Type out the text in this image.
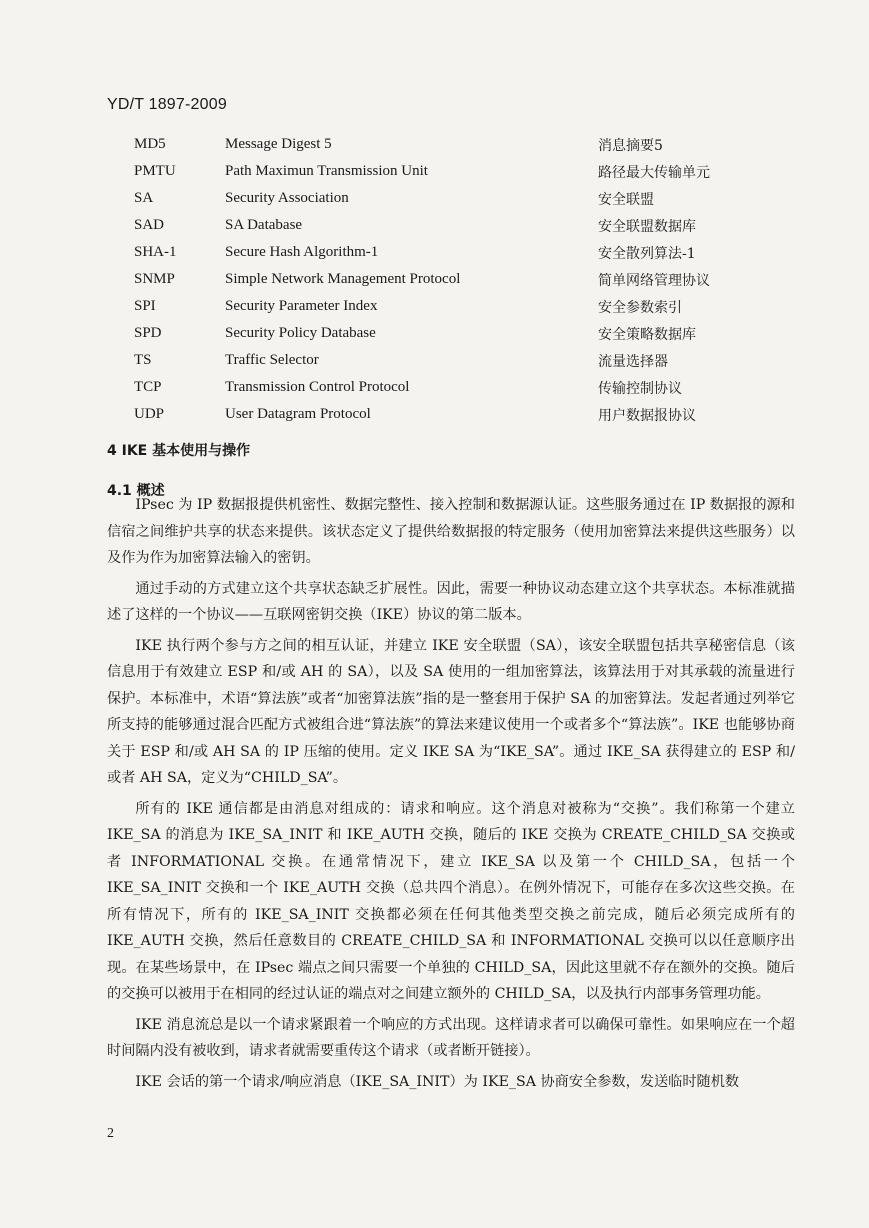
YD/T 1897-2009
MD5	Message Digest 5	消息摘要5
PMTU	Path Maximun Transmission Unit	路径最大传输单元
SA	Security Association	安全联盟
SAD	SA Database	安全联盟数据库
SHA-1	Secure Hash Algorithm-1	安全散列算法-1
SNMP	Simple Network Management Protocol	简单网络管理协议
SPI	Security Parameter Index	安全参数索引
SPD	Security Policy Database	安全策略数据库
TS	Traffic Selector	流量选择器
TCP	Transmission Control Protocol	传输控制协议
UDP	User Datagram Protocol	用户数据报协议
4 IKE 基本使用与操作
4.1 概述

IPsec 为 IP 数据报提供机密性、数据完整性、接入控制和数据源认证。这些服务通过在 IP 数据报的源和信宿之间维护共享的状态来提供。该状态定义了提供给数据报的特定服务（使用加密算法来提供这些服务）以及作为作为加密算法输入的密钥。

通过手动的方式建立这个共享状态缺乏扩展性。因此，需要一种协议动态建立这个共享状态。本标准就描述了这样的一个协议——互联网密钥交换（IKE）协议的第二版本。

IKE 执行两个参与方之间的相互认证，并建立 IKE 安全联盟（SA），该安全联盟包括共享秘密信息（该信息用于有效建立 ESP 和/或 AH 的 SA），以及 SA 使用的一组加密算法，该算法用于对其承载的流量进行保护。本标准中，术语“算法族”或者“加密算法族”指的是一整套用于保护 SA 的加密算法。发起者通过列举它所支持的能够通过混合匹配方式被组合进“算法族”的算法来建议使用一个或者多个“算法族”。IKE 也能够协商关于 ESP 和/或 AH SA 的 IP 压缩的使用。定义 IKE SA 为“IKE_SA”。通过 IKE_SA 获得建立的 ESP 和/或者 AH SA，定义为“CHILD_SA”。

所有的 IKE 通信都是由消息对组成的：请求和响应。这个消息对被称为“交换”。我们称第一个建立 IKE_SA 的消息为 IKE_SA_INIT 和 IKE_AUTH 交换，随后的 IKE 交换为 CREATE_CHILD_SA 交换或者 INFORMATIONAL 交换。在通常情况下，建立 IKE_SA 以及第一个 CHILD_SA，包括一个 IKE_SA_INIT 交换和一个 IKE_AUTH 交换（总共四个消息）。在例外情况下，可能存在多次这些交换。在所有情况下，所有的 IKE_SA_INIT 交换都必须在任何其他类型交换之前完成，随后必须完成所有的 IKE_AUTH 交换，然后任意数目的 CREATE_CHILD_SA 和 INFORMATIONAL 交换可以以任意顺序出现。在某些场景中，在 IPsec 端点之间只需要一个单独的 CHILD_SA，因此这里就不存在额外的交换。随后的交换可以被用于在相同的经过认证的端点对之间建立额外的 CHILD_SA，以及执行内部事务管理功能。

IKE 消息流总是以一个请求紧跟着一个响应的方式出现。这样请求者可以确保可靠性。如果响应在一个超时间隔内没有被收到，请求者就需要重传这个请求（或者断开链接）。

IKE 会话的第一个请求/响应消息（IKE_SA_INIT）为 IKE_SA 协商安全参数，发送临时随机数

2
